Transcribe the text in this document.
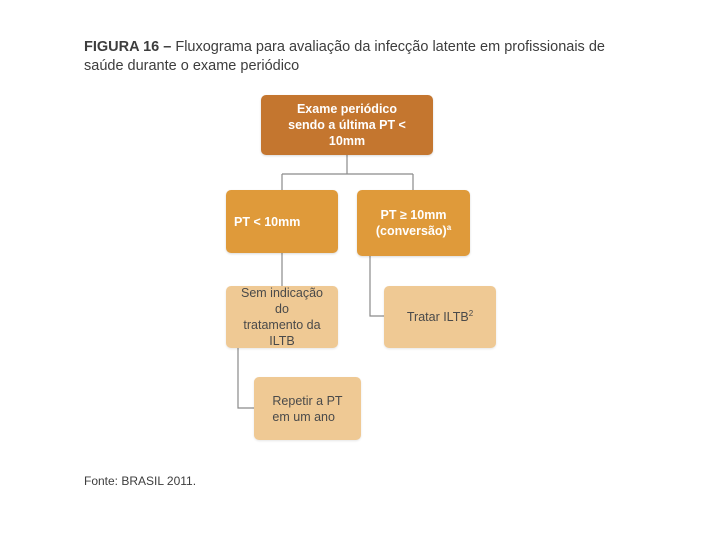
FIGURA 16 – Fluxograma para avaliação da infecção latente em profissionais de saúde durante o exame periódico

Exame periódico
sendo a última PT < 10mm
PT < 10mm	PT ≥ 10mm
(conversão)$^a$
Sem indicação do
tratamento da ILTB
Tratar ILTB$^2$
Repetir a PT
em um ano
Fonte: BRASIL 2011.
